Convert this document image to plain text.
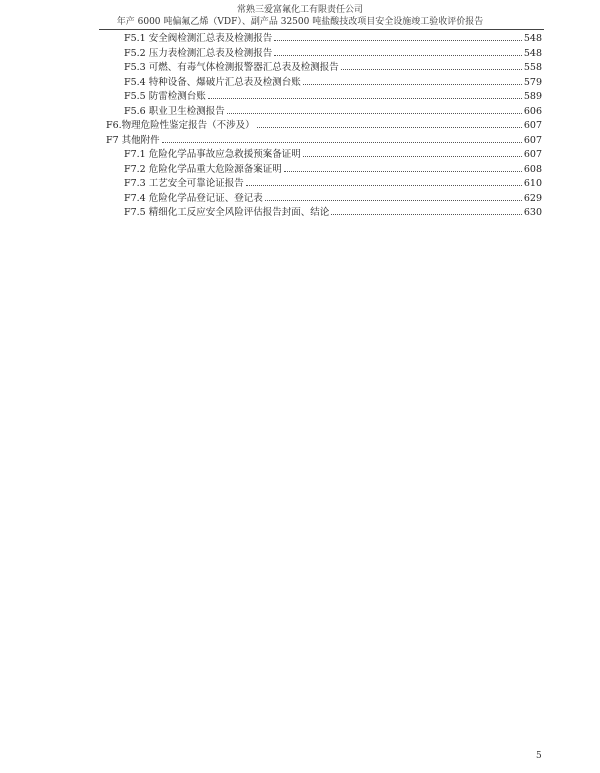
常熟三爱富氟化工有限责任公司
年产 6000 吨偏氟乙烯（VDF）、副产品 32500 吨盐酸技改项目安全设施竣工验收评价报告
F5.1 安全阀检测汇总表及检测报告	548
F5.2 压力表检测汇总表及检测报告	548
F5.3 可燃、有毒气体检测报警器汇总表及检测报告	558
F5.4 特种设备、爆破片汇总表及检测台账	579
F5.5 防雷检测台账	589
F5.6 职业卫生检测报告	606
F6.物理危险性鉴定报告（不涉及）	607
F7 其他附件	607
F7.1 危险化学品事故应急救援预案备证明	607
F7.2 危险化学品重大危险源备案证明	608
F7.3 工艺安全可靠论证报告	610
F7.4 危险化学品登记证、登记表	629
F7.5 精细化工反应安全风险评估报告封面、结论	630
5
